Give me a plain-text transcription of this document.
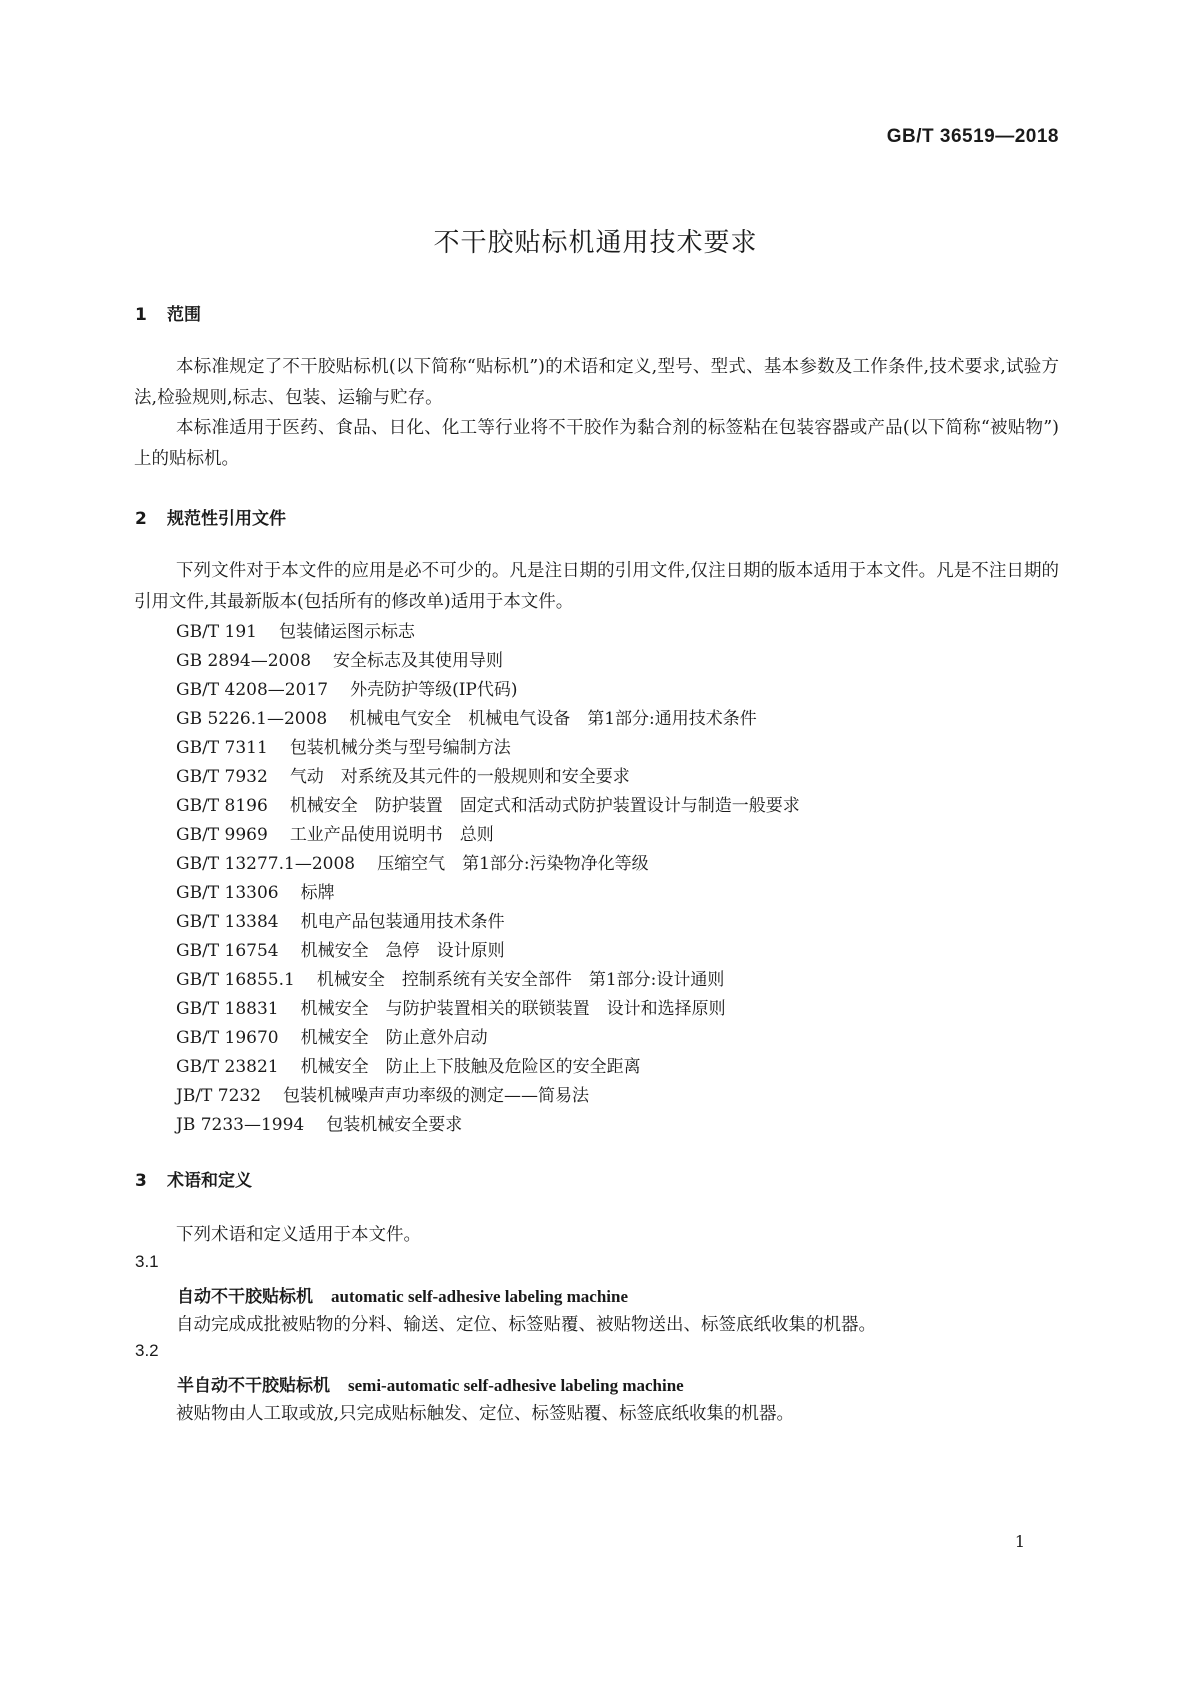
GB/T 36519—2018
不干胶贴标机通用技术要求
1 范围
本标准规定了不干胶贴标机(以下简称“贴标机”)的术语和定义,型号、型式、基本参数及工作条件,技术要求,试验方法,检验规则,标志、包装、运输与贮存。
本标准适用于医药、食品、日化、化工等行业将不干胶作为黏合剂的标签粘在包装容器或产品(以下简称“被贴物”)上的贴标机。
2 规范性引用文件
下列文件对于本文件的应用是必不可少的。凡是注日期的引用文件,仅注日期的版本适用于本文件。凡是不注日期的引用文件,其最新版本(包括所有的修改单)适用于本文件。
GB/T 191 包装储运图示标志
GB 2894—2008 安全标志及其使用导则
GB/T 4208—2017 外壳防护等级(IP代码)
GB 5226.1—2008 机械电气安全　机械电气设备　第1部分:通用技术条件
GB/T 7311 包装机械分类与型号编制方法
GB/T 7932 气动　对系统及其元件的一般规则和安全要求
GB/T 8196 机械安全　防护装置　固定式和活动式防护装置设计与制造一般要求
GB/T 9969 工业产品使用说明书　总则
GB/T 13277.1—2008 压缩空气　第1部分:污染物净化等级
GB/T 13306 标牌
GB/T 13384 机电产品包装通用技术条件
GB/T 16754 机械安全　急停　设计原则
GB/T 16855.1 机械安全　控制系统有关安全部件　第1部分:设计通则
GB/T 18831 机械安全　与防护装置相关的联锁装置　设计和选择原则
GB/T 19670 机械安全　防止意外启动
GB/T 23821 机械安全　防止上下肢触及危险区的安全距离
JB/T 7232 包装机械噪声声功率级的测定——简易法
JB 7233—1994 包装机械安全要求
3 术语和定义
下列术语和定义适用于本文件。
3.1
自动不干胶贴标机 automatic self-adhesive labeling machine
自动完成成批被贴物的分料、输送、定位、标签贴覆、被贴物送出、标签底纸收集的机器。
3.2
半自动不干胶贴标机 semi-automatic self-adhesive labeling machine
被贴物由人工取或放,只完成贴标触发、定位、标签贴覆、标签底纸收集的机器。
1
